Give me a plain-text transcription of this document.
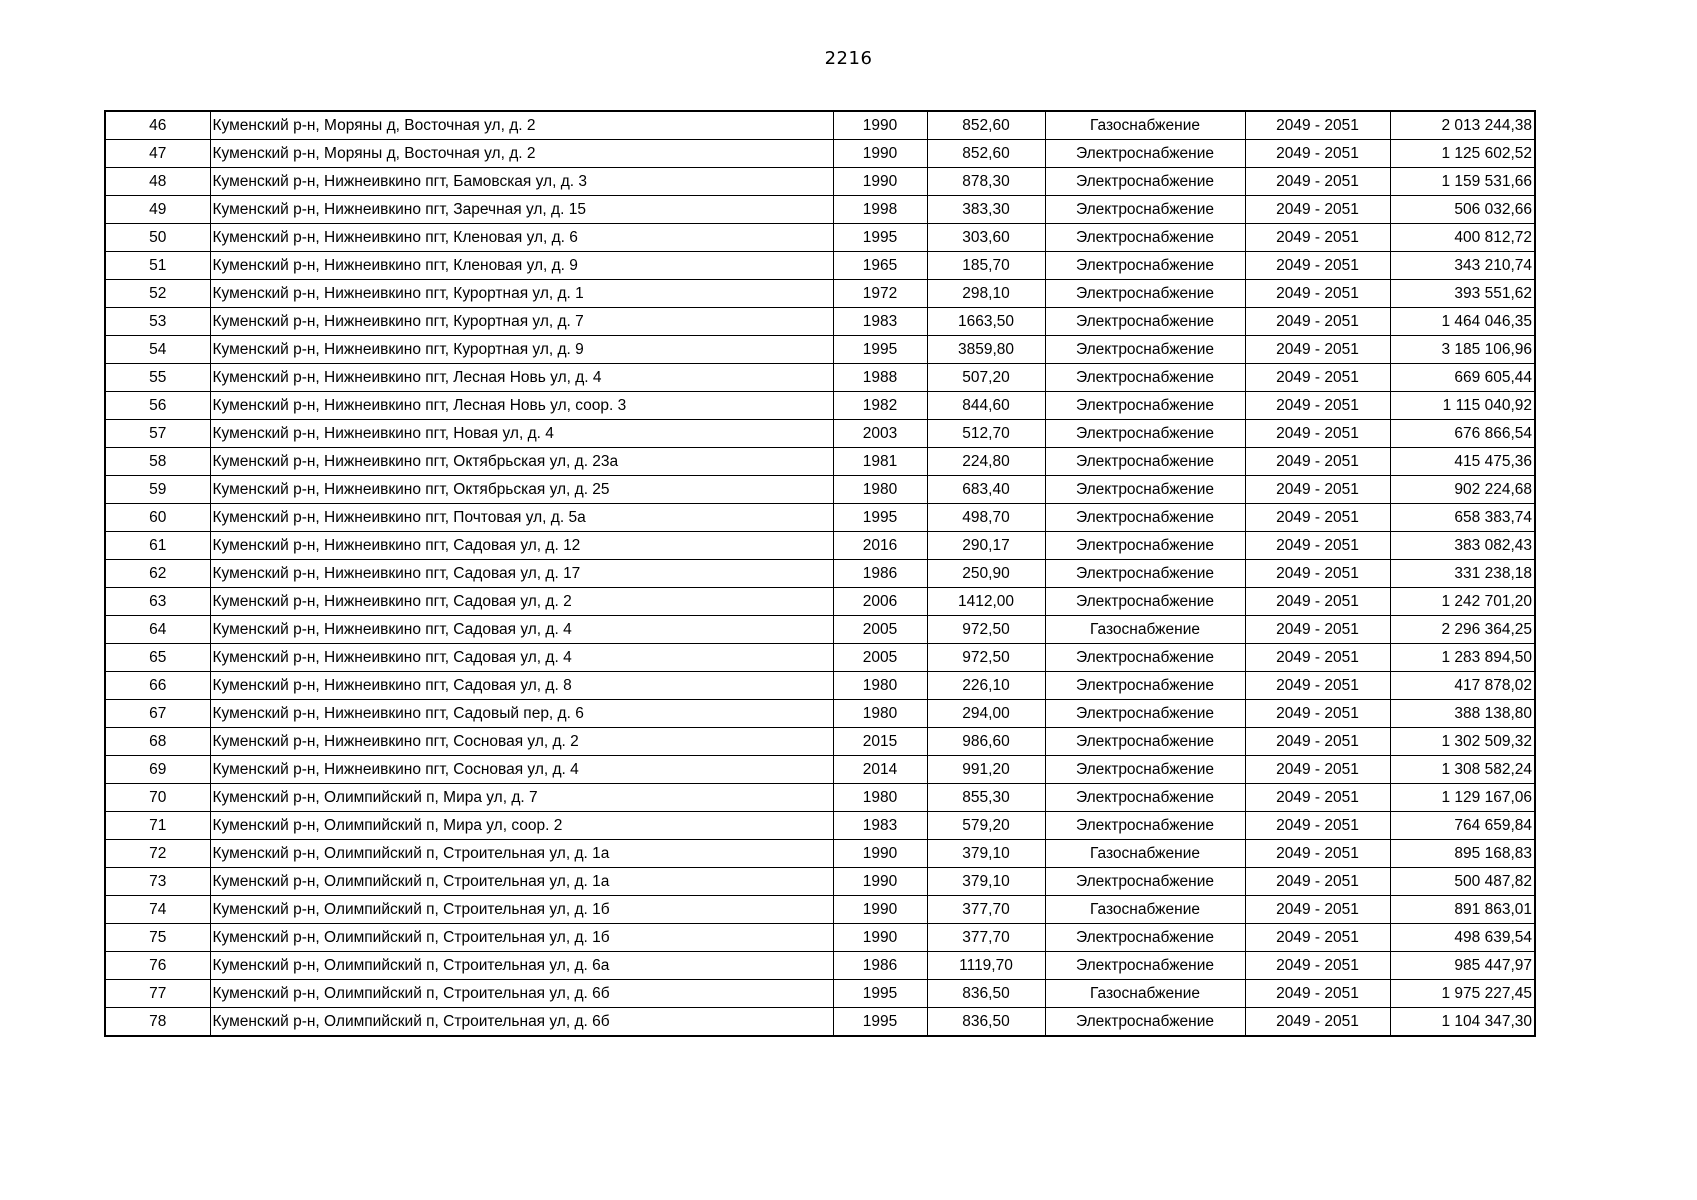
2216
46	Куменский р-н, Моряны д, Восточная ул, д. 2	1990	852,60	Газоснабжение	2049 - 2051	2 013 244,38
47	Куменский р-н, Моряны д, Восточная ул, д. 2	1990	852,60	Электроснабжение	2049 - 2051	1 125 602,52
48	Куменский р-н, Нижнеивкино пгт, Бамовская ул, д. 3	1990	878,30	Электроснабжение	2049 - 2051	1 159 531,66
49	Куменский р-н, Нижнеивкино пгт, Заречная ул, д. 15	1998	383,30	Электроснабжение	2049 - 2051	506 032,66
50	Куменский р-н, Нижнеивкино пгт, Кленовая ул, д. 6	1995	303,60	Электроснабжение	2049 - 2051	400 812,72
51	Куменский р-н, Нижнеивкино пгт, Кленовая ул, д. 9	1965	185,70	Электроснабжение	2049 - 2051	343 210,74
52	Куменский р-н, Нижнеивкино пгт, Курортная ул, д. 1	1972	298,10	Электроснабжение	2049 - 2051	393 551,62
53	Куменский р-н, Нижнеивкино пгт, Курортная ул, д. 7	1983	1663,50	Электроснабжение	2049 - 2051	1 464 046,35
54	Куменский р-н, Нижнеивкино пгт, Курортная ул, д. 9	1995	3859,80	Электроснабжение	2049 - 2051	3 185 106,96
55	Куменский р-н, Нижнеивкино пгт, Лесная Новь ул, д. 4	1988	507,20	Электроснабжение	2049 - 2051	669 605,44
56	Куменский р-н, Нижнеивкино пгт, Лесная Новь ул, соор. 3	1982	844,60	Электроснабжение	2049 - 2051	1 115 040,92
57	Куменский р-н, Нижнеивкино пгт, Новая ул, д. 4	2003	512,70	Электроснабжение	2049 - 2051	676 866,54
58	Куменский р-н, Нижнеивкино пгт, Октябрьская ул, д. 23а	1981	224,80	Электроснабжение	2049 - 2051	415 475,36
59	Куменский р-н, Нижнеивкино пгт, Октябрьская ул, д. 25	1980	683,40	Электроснабжение	2049 - 2051	902 224,68
60	Куменский р-н, Нижнеивкино пгт, Почтовая ул, д. 5а	1995	498,70	Электроснабжение	2049 - 2051	658 383,74
61	Куменский р-н, Нижнеивкино пгт, Садовая ул, д. 12	2016	290,17	Электроснабжение	2049 - 2051	383 082,43
62	Куменский р-н, Нижнеивкино пгт, Садовая ул, д. 17	1986	250,90	Электроснабжение	2049 - 2051	331 238,18
63	Куменский р-н, Нижнеивкино пгт, Садовая ул, д. 2	2006	1412,00	Электроснабжение	2049 - 2051	1 242 701,20
64	Куменский р-н, Нижнеивкино пгт, Садовая ул, д. 4	2005	972,50	Газоснабжение	2049 - 2051	2 296 364,25
65	Куменский р-н, Нижнеивкино пгт, Садовая ул, д. 4	2005	972,50	Электроснабжение	2049 - 2051	1 283 894,50
66	Куменский р-н, Нижнеивкино пгт, Садовая ул, д. 8	1980	226,10	Электроснабжение	2049 - 2051	417 878,02
67	Куменский р-н, Нижнеивкино пгт, Садовый пер, д. 6	1980	294,00	Электроснабжение	2049 - 2051	388 138,80
68	Куменский р-н, Нижнеивкино пгт, Сосновая ул, д. 2	2015	986,60	Электроснабжение	2049 - 2051	1 302 509,32
69	Куменский р-н, Нижнеивкино пгт, Сосновая ул, д. 4	2014	991,20	Электроснабжение	2049 - 2051	1 308 582,24
70	Куменский р-н, Олимпийский п, Мира ул, д. 7	1980	855,30	Электроснабжение	2049 - 2051	1 129 167,06
71	Куменский р-н, Олимпийский п, Мира ул, соор. 2	1983	579,20	Электроснабжение	2049 - 2051	764 659,84
72	Куменский р-н, Олимпийский п, Строительная ул, д. 1а	1990	379,10	Газоснабжение	2049 - 2051	895 168,83
73	Куменский р-н, Олимпийский п, Строительная ул, д. 1а	1990	379,10	Электроснабжение	2049 - 2051	500 487,82
74	Куменский р-н, Олимпийский п, Строительная ул, д. 1б	1990	377,70	Газоснабжение	2049 - 2051	891 863,01
75	Куменский р-н, Олимпийский п, Строительная ул, д. 1б	1990	377,70	Электроснабжение	2049 - 2051	498 639,54
76	Куменский р-н, Олимпийский п, Строительная ул, д. 6а	1986	1119,70	Электроснабжение	2049 - 2051	985 447,97
77	Куменский р-н, Олимпийский п, Строительная ул, д. 6б	1995	836,50	Газоснабжение	2049 - 2051	1 975 227,45
78	Куменский р-н, Олимпийский п, Строительная ул, д. 6б	1995	836,50	Электроснабжение	2049 - 2051	1 104 347,30
